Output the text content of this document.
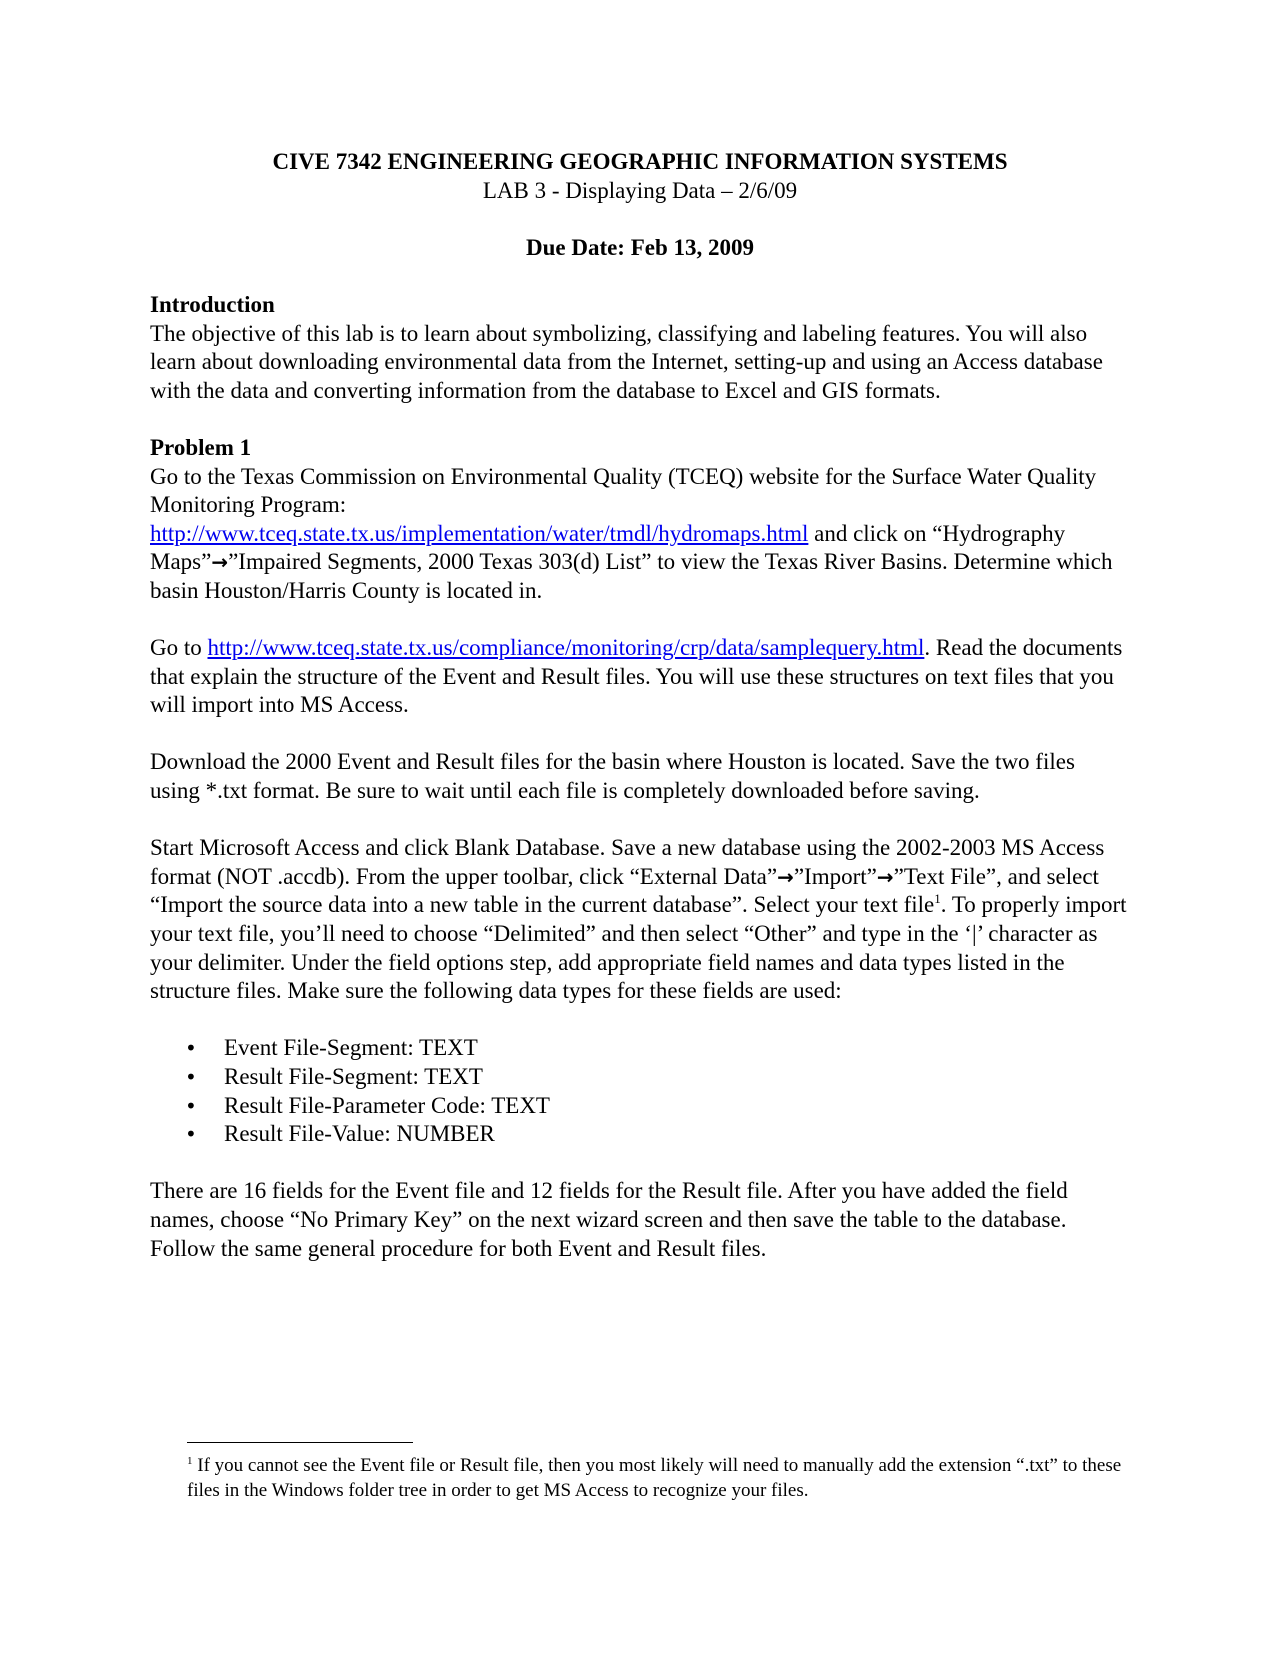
CIVE 7342 ENGINEERING GEOGRAPHIC INFORMATION SYSTEMS

LAB 3 - Displaying Data – 2/6/09

Due Date: Feb 13, 2009

Introduction

The objective of this lab is to learn about symbolizing, classifying and labeling features. You will also learn about downloading environmental data from the Internet, setting-up and using an Access database with the data and converting information from the database to Excel and GIS formats.

Problem 1

Go to the Texas Commission on Environmental Quality (TCEQ) website for the Surface Water Quality Monitoring Program:
http://www.tceq.state.tx.us/implementation/water/tmdl/hydromaps.html and click on “Hydrography Maps”→”Impaired Segments, 2000 Texas 303(d) List” to view the Texas River Basins. Determine which basin Houston/Harris County is located in.

Go to http://www.tceq.state.tx.us/compliance/monitoring/crp/data/samplequery.html. Read the documents that explain the structure of the Event and Result files. You will use these structures on text files that you will import into MS Access.

Download the 2000 Event and Result files for the basin where Houston is located. Save the two files using *.txt format. Be sure to wait until each file is completely downloaded before saving.

Start Microsoft Access and click Blank Database. Save a new database using the 2002-2003 MS Access format (NOT .accdb). From the upper toolbar, click “External Data”→”Import”→”Text File”, and select “Import the source data into a new table in the current database”. Select your text file$^1$. To properly import your text file, you’ll need to choose “Delimited” and then select “Other” and type in the ‘|’ character as your delimiter. Under the field options step, add appropriate field names and data types listed in the structure files. Make sure the following data types for these fields are used:

• Event File-Segment: TEXT
• Result File-Segment: TEXT
• Result File-Parameter Code: TEXT
• Result File-Value: NUMBER

There are 16 fields for the Event file and 12 fields for the Result file. After you have added the field names, choose “No Primary Key” on the next wizard screen and then save the table to the database. Follow the same general procedure for both Event and Result files.

$^1$ If you cannot see the Event file or Result file, then you most likely will need to manually add the extension “.txt” to these files in the Windows folder tree in order to get MS Access to recognize your files.
